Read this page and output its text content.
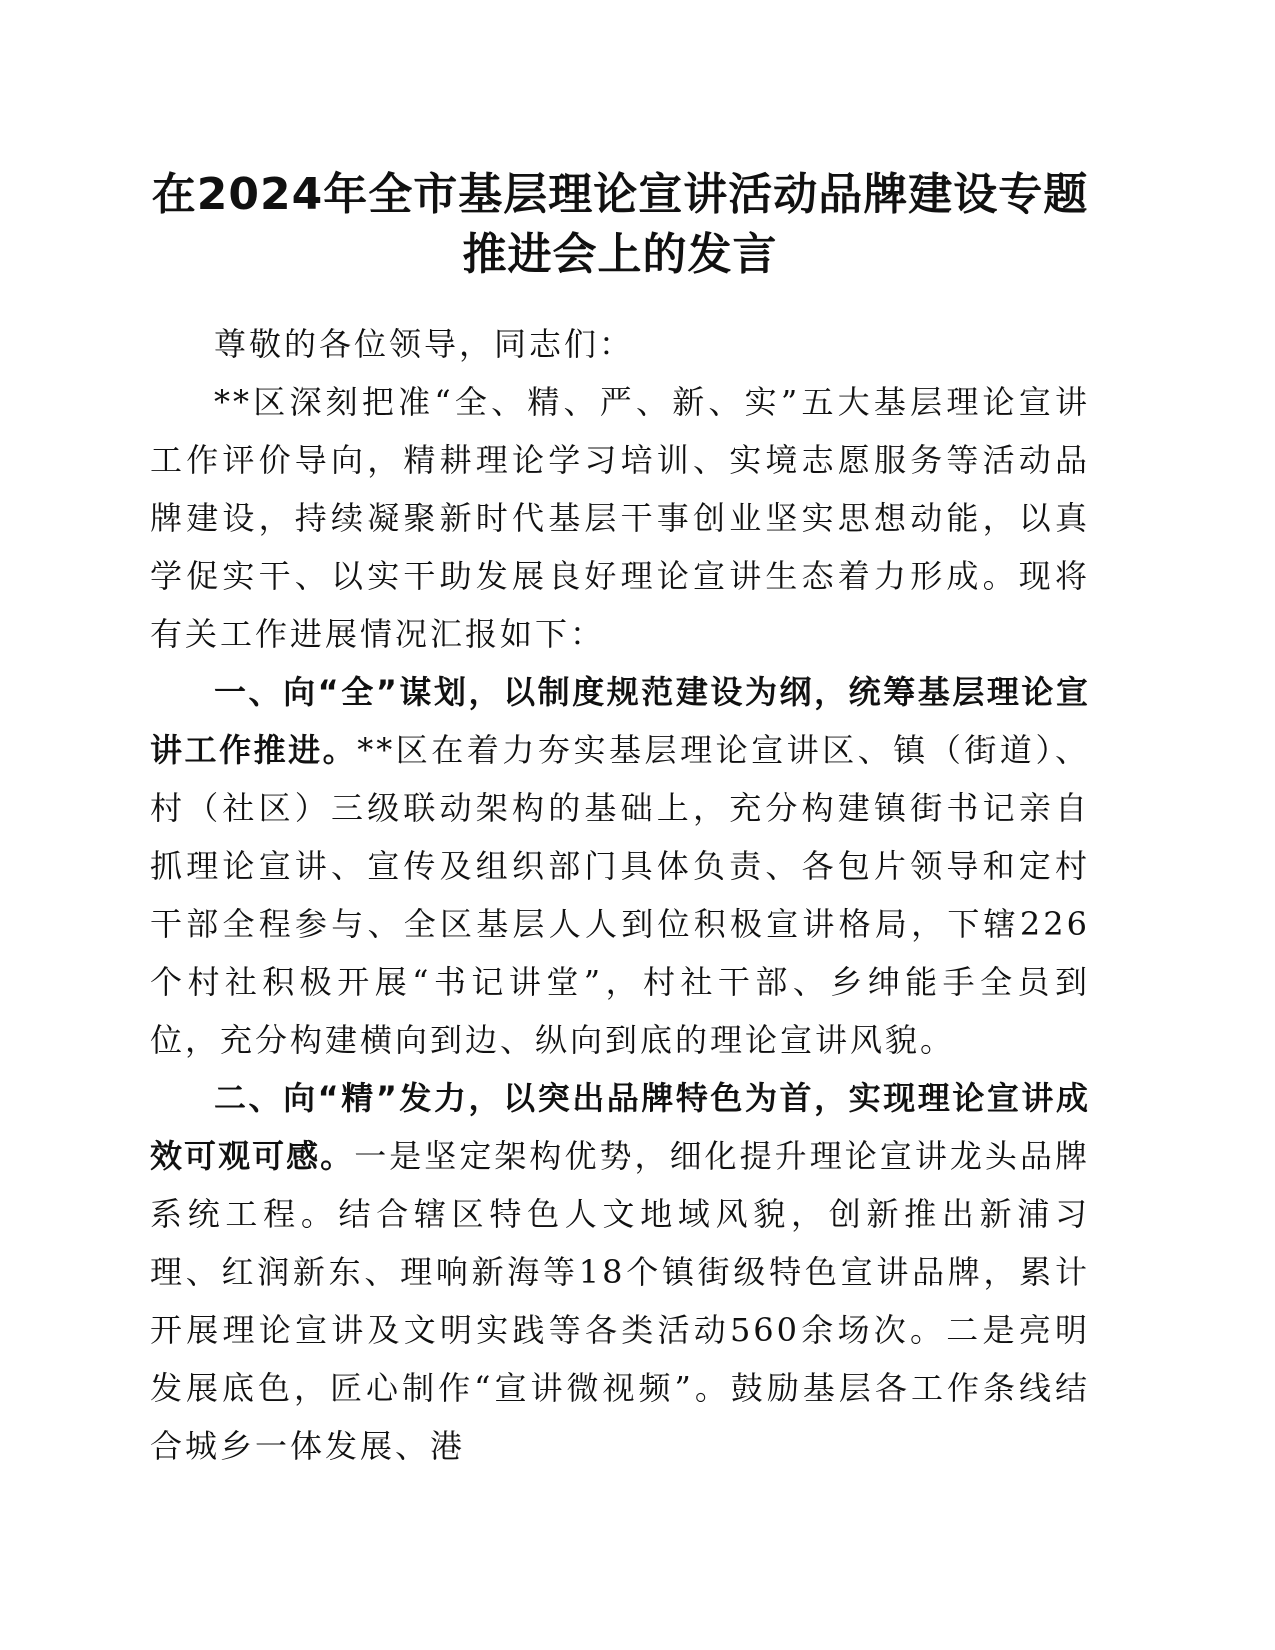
在2024年全市基层理论宣讲活动品牌建设专题
推进会上的发言

尊敬的各位领导，同志们：

**区深刻把准“全、精、严、新、实”五大基层理论宣讲工作评价导向，精耕理论学习培训、实境志愿服务等活动品牌建设，持续凝聚新时代基层干事创业坚实思想动能，以真学促实干、以实干助发展良好理论宣讲生态着力形成。现将有关工作进展情况汇报如下：

一、向“全”谋划，以制度规范建设为纲，统筹基层理论宣讲工作推进。**区在着力夯实基层理论宣讲区、镇（街道）、村（社区）三级联动架构的基础上，充分构建镇街书记亲自抓理论宣讲、宣传及组织部门具体负责、各包片领导和定村干部全程参与、全区基层人人到位积极宣讲格局，下辖226个村社积极开展“书记讲堂”，村社干部、乡绅能手全员到位，充分构建横向到边、纵向到底的理论宣讲风貌。

二、向“精”发力，以突出品牌特色为首，实现理论宣讲成效可观可感。一是坚定架构优势，细化提升理论宣讲龙头品牌系统工程。结合辖区特色人文地域风貌，创新推出新浦习理、红润新东、理响新海等18个镇街级特色宣讲品牌，累计开展理论宣讲及文明实践等各类活动560余场次。二是亮明发展底色，匠心制作“宣讲微视频”。鼓励基层各工作条线结合城乡一体发展、港
